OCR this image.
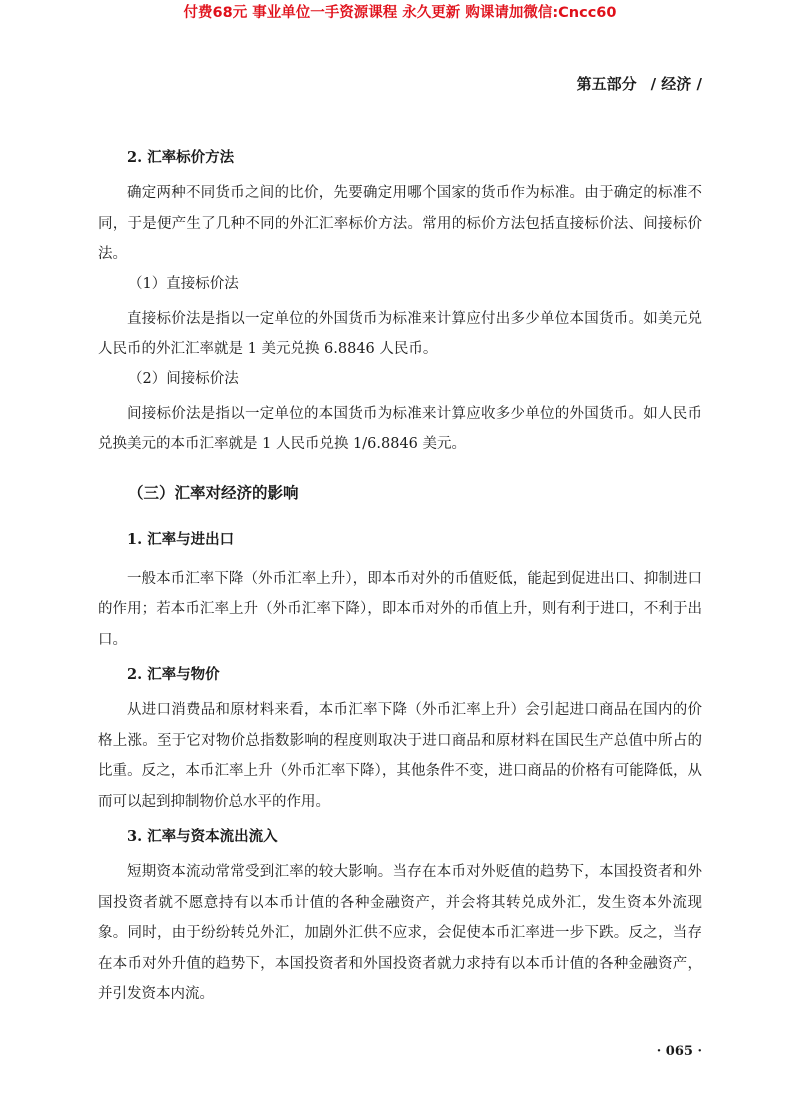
付费68元 事业单位一手资源课程 永久更新 购课请加微信:Cncc60
第五部分 / 经济 /

2. 汇率标价方法

确定两种不同货币之间的比价，先要确定用哪个国家的货币作为标准。由于确定的标准不同，于是便产生了几种不同的外汇汇率标价方法。常用的标价方法包括直接标价法、间接标价法。

（1）直接标价法

直接标价法是指以一定单位的外国货币为标准来计算应付出多少单位本国货币。如美元兑人民币的外汇汇率就是 1 美元兑换 6.8846 人民币。

（2）间接标价法

间接标价法是指以一定单位的本国货币为标准来计算应收多少单位的外国货币。如人民币兑换美元的本币汇率就是 1 人民币兑换 1/6.8846 美元。

（三）汇率对经济的影响

1. 汇率与进出口

一般本币汇率下降（外币汇率上升），即本币对外的币值贬低，能起到促进出口、抑制进口的作用；若本币汇率上升（外币汇率下降），即本币对外的币值上升，则有利于进口，不利于出口。

2. 汇率与物价

从进口消费品和原材料来看，本币汇率下降（外币汇率上升）会引起进口商品在国内的价格上涨。至于它对物价总指数影响的程度则取决于进口商品和原材料在国民生产总值中所占的比重。反之，本币汇率上升（外币汇率下降），其他条件不变，进口商品的价格有可能降低，从而可以起到抑制物价总水平的作用。

3. 汇率与资本流出流入

短期资本流动常常受到汇率的较大影响。当存在本币对外贬值的趋势下，本国投资者和外国投资者就不愿意持有以本币计值的各种金融资产，并会将其转兑成外汇，发生资本外流现象。同时，由于纷纷转兑外汇，加剧外汇供不应求，会促使本币汇率进一步下跌。反之，当存在本币对外升值的趋势下，本国投资者和外国投资者就力求持有以本币计值的各种金融资产，并引发资本内流。

· 065 ·
